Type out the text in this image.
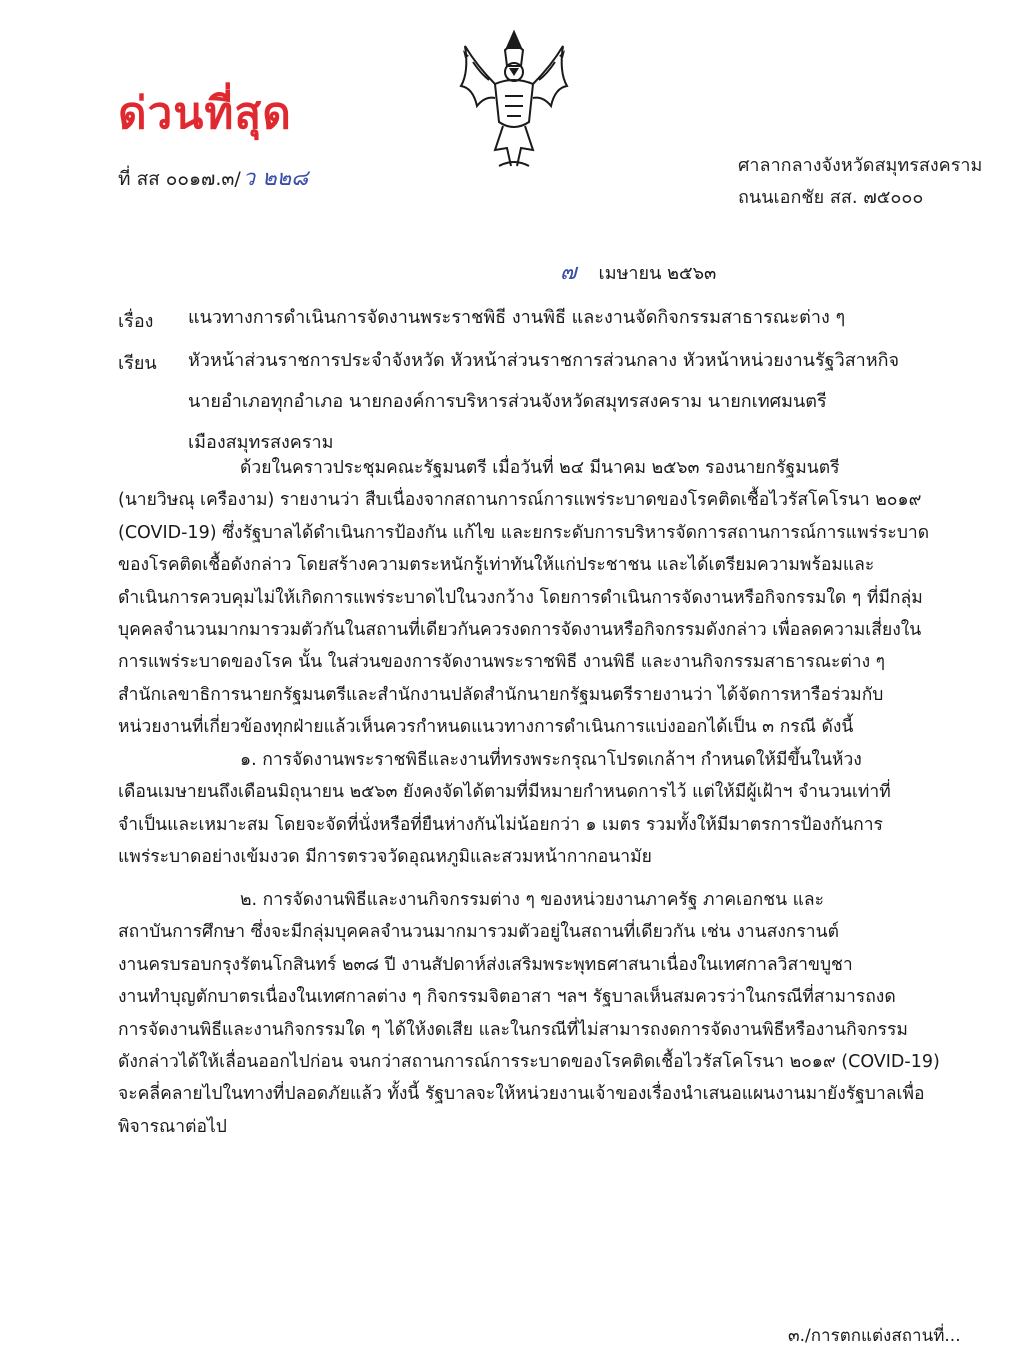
ด่วนที่สุด
ที่ สส ๐๐๑๗.๓/ว ๒๒๘
ศาลากลางจังหวัดสมุทรสงคราม
ถนนเอกชัย สส. ๗๕๐๐๐
๗ เมษายน ๒๕๖๓
เรื่อง แนวทางการดำเนินการจัดงานพระราชพิธี งานพิธี และงานจัดกิจกรรมสาธารณะต่าง ๆ
เรียน หัวหน้าส่วนราชการประจำจังหวัด หัวหน้าส่วนราชการส่วนกลาง หัวหน้าหน่วยงานรัฐวิสาหกิจ
นายอำเภอทุกอำเภอ นายกองค์การบริหารส่วนจังหวัดสมุทรสงคราม นายกเทศมนตรี
เมืองสมุทรสงคราม
ด้วยในคราวประชุมคณะรัฐมนตรี เมื่อวันที่ ๒๔ มีนาคม ๒๕๖๓ รองนายกรัฐมนตรี
(นายวิษณุ เครืองาม) รายงานว่า สืบเนื่องจากสถานการณ์การแพร่ระบาดของโรคติดเชื้อไวรัสโคโรนา ๒๐๑๙
(COVID-19) ซึ่งรัฐบาลได้ดำเนินการป้องกัน แก้ไข และยกระดับการบริหารจัดการสถานการณ์การแพร่ระบาด
ของโรคติดเชื้อดังกล่าว โดยสร้างความตระหนักรู้เท่าทันให้แก่ประชาชน และได้เตรียมความพร้อมและ
ดำเนินการควบคุมไม่ให้เกิดการแพร่ระบาดไปในวงกว้าง โดยการดำเนินการจัดงานหรือกิจกรรมใด ๆ ที่มีกลุ่ม
บุคคลจำนวนมากมารวมตัวกันในสถานที่เดียวกันควรงดการจัดงานหรือกิจกรรมดังกล่าว เพื่อลดความเสี่ยงใน
การแพร่ระบาดของโรค นั้น ในส่วนของการจัดงานพระราชพิธี งานพิธี และงานกิจกรรมสาธารณะต่าง ๆ
สำนักเลขาธิการนายกรัฐมนตรีและสำนักงานปลัดสำนักนายกรัฐมนตรีรายงานว่า ได้จัดการหารือร่วมกับ
หน่วยงานที่เกี่ยวข้องทุกฝ่ายแล้วเห็นควรกำหนดแนวทางการดำเนินการแบ่งออกได้เป็น ๓ กรณี ดังนี้
๑. การจัดงานพระราชพิธีและงานที่ทรงพระกรุณาโปรดเกล้าฯ กำหนดให้มีขึ้นในห้วง
เดือนเมษายนถึงเดือนมิถุนายน ๒๕๖๓ ยังคงจัดได้ตามที่มีหมายกำหนดการไว้ แต่ให้มีผู้เฝ้าฯ จำนวนเท่าที่
จำเป็นและเหมาะสม โดยจะจัดที่นั่งหรือที่ยืนห่างกันไม่น้อยกว่า ๑ เมตร รวมทั้งให้มีมาตรการป้องกันการ
แพร่ระบาดอย่างเข้มงวด มีการตรวจวัดอุณหภูมิและสวมหน้ากากอนามัย
๒. การจัดงานพิธีและงานกิจกรรมต่าง ๆ ของหน่วยงานภาครัฐ ภาคเอกชน และ
สถาบันการศึกษา ซึ่งจะมีกลุ่มบุคคลจำนวนมากมารวมตัวอยู่ในสถานที่เดียวกัน เช่น งานสงกรานต์
งานครบรอบกรุงรัตนโกสินทร์ ๒๓๘ ปี งานสัปดาห์ส่งเสริมพระพุทธศาสนาเนื่องในเทศกาลวิสาขบูชา
งานทำบุญตักบาตรเนื่องในเทศกาลต่าง ๆ กิจกรรมจิตอาสา ฯลฯ รัฐบาลเห็นสมควรว่าในกรณีที่สามารถงด
การจัดงานพิธีและงานกิจกรรมใด ๆ ได้ให้งดเสีย และในกรณีที่ไม่สามารถงดการจัดงานพิธีหรืองานกิจกรรม
ดังกล่าวได้ให้เลื่อนออกไปก่อน จนกว่าสถานการณ์การระบาดของโรคติดเชื้อไวรัสโคโรนา ๒๐๑๙ (COVID-19)
จะคลี่คลายไปในทางที่ปลอดภัยแล้ว ทั้งนี้ รัฐบาลจะให้หน่วยงานเจ้าของเรื่องนำเสนอแผนงานมายังรัฐบาลเพื่อ
พิจารณาต่อไป
๓./การตกแต่งสถานที่...
